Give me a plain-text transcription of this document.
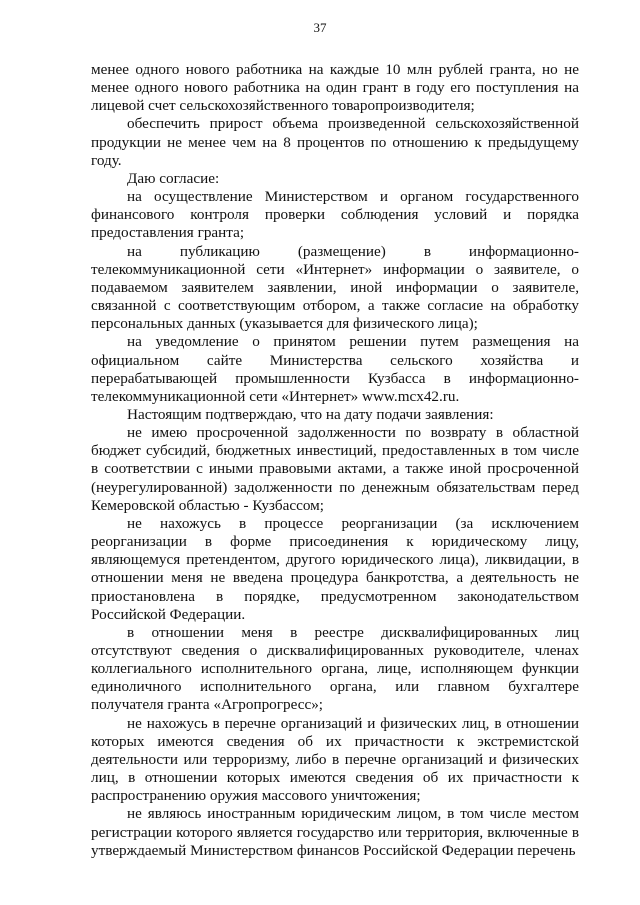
37

менее одного нового работника на каждые 10 млн рублей гранта, но не менее одного нового работника на один грант в году его поступления на лицевой счет сельскохозяйственного товаропроизводителя;

обеспечить прирост объема произведенной сельскохозяйственной продукции не менее чем на 8 процентов по отношению к предыдущему году.

Даю согласие:

на осуществление Министерством и органом государственного финансового контроля проверки соблюдения условий и порядка предоставления гранта;

на публикацию (размещение) в информационно-телекоммуникационной сети «Интернет» информации о заявителе, о подаваемом заявителем заявлении, иной информации о заявителе, связанной с соответствующим отбором, а также согласие на обработку персональных данных (указывается для физического лица);

на уведомление о принятом решении путем размещения на официальном сайте Министерства сельского хозяйства и перерабатывающей промышленности Кузбасса в информационно-телекоммуникационной сети «Интернет» www.mcx42.ru.

Настоящим подтверждаю, что на дату подачи заявления:

не имею просроченной задолженности по возврату в областной бюджет субсидий, бюджетных инвестиций, предоставленных в том числе в соответствии с иными правовыми актами, а также иной просроченной (неурегулированной) задолженности по денежным обязательствам перед Кемеровской областью - Кузбассом;

не нахожусь в процессе реорганизации (за исключением реорганизации в форме присоединения к юридическому лицу, являющемуся претендентом, другого юридического лица), ликвидации, в отношении меня не введена процедура банкротства, а деятельность не приостановлена в порядке, предусмотренном законодательством Российской Федерации.

в отношении меня в реестре дисквалифицированных лиц отсутствуют сведения о дисквалифицированных руководителе, членах коллегиального исполнительного органа, лице, исполняющем функции единоличного исполнительного органа, или главном бухгалтере получателя гранта «Агропрогресс»;

не нахожусь в перечне организаций и физических лиц, в отношении которых имеются сведения об их причастности к экстремистской деятельности или терроризму, либо в перечне организаций и физических лиц, в отношении которых имеются сведения об их причастности к распространению оружия массового уничтожения;

не являюсь иностранным юридическим лицом, в том числе местом регистрации которого является государство или территория, включенные в утверждаемый Министерством финансов Российской Федерации перечень
